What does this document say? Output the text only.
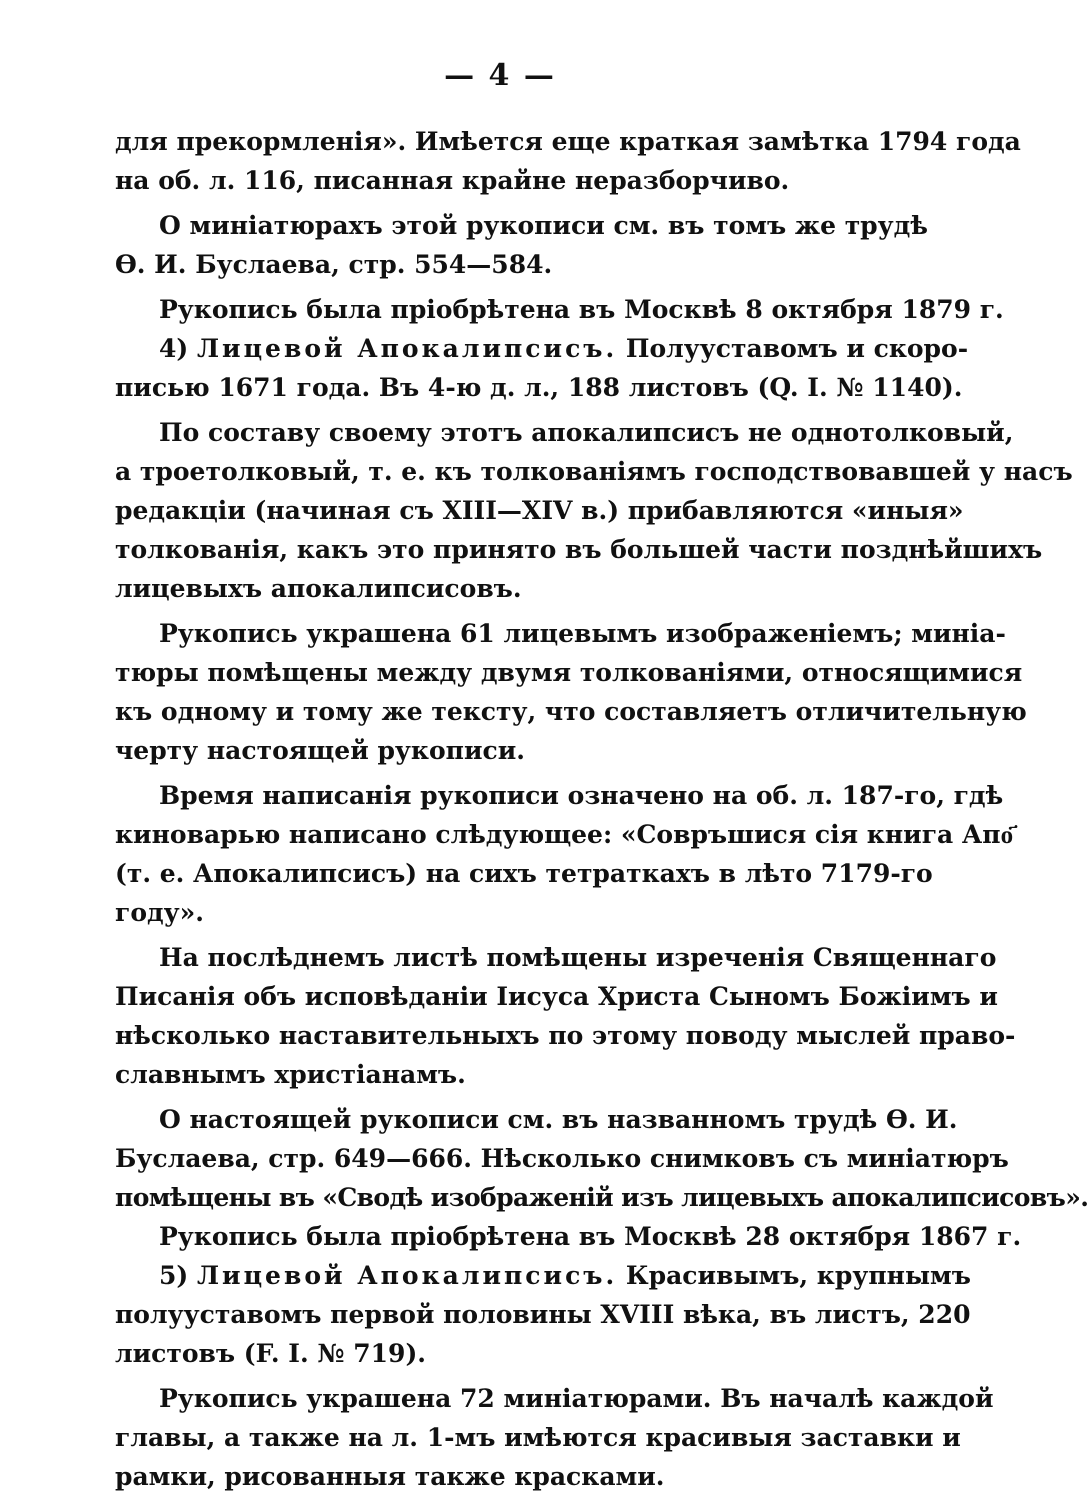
— 4 —
для прекормленія». Имѣется еще краткая замѣтка 1794 года
на об. л. 116, писанная крайне неразборчиво.
О миніатюрахъ этой рукописи см. въ томъ же трудѣ
Ѳ. И. Буслаева, стр. 554—584.
Рукопись была пріобрѣтена въ Москвѣ 8 октября 1879 г.
4) Лицевой Апокалипсисъ. Полууставомъ и скоро-
писью 1671 года. Въ 4-ю д. л., 188 листовъ (Q. I. № 1140).
По составу своему этотъ апокалипсисъ не однотолковый,
а троетолковый, т. е. къ толкованіямъ господствовавшей у насъ
редакціи (начиная съ XIII—XIV в.) прибавляются «иныя»
толкованія, какъ это принято въ большей части позднѣйшихъ
лицевыхъ апокалипсисовъ.
Рукопись украшена 61 лицевымъ изображеніемъ; миніа-
тюры помѣщены между двумя толкованіями, относящимися
къ одному и тому же тексту, что составляетъ отличительную
черту настоящей рукописи.
Время написанія рукописи означено на об. л. 187-го, гдѣ
киноварью написано слѣдующее: «Совръшися сія книга Апо҃
(т. е. Апокалипсисъ) на сихъ тетраткахъ в лѣто 7179-го
году».
На послѣднемъ листѣ помѣщены изреченія Священнаго
Писанія объ исповѣданіи Іисуса Христа Сыномъ Божіимъ и
нѣсколько наставительныхъ по этому поводу мыслей право-
славнымъ христіанамъ.
О настоящей рукописи см. въ названномъ трудѣ Ѳ. И.
Буслаева, стр. 649—666. Нѣсколько снимковъ съ миніатюръ
помѣщены въ «Сводѣ изображеній изъ лицевыхъ апокалипсисовъ».
Рукопись была пріобрѣтена въ Москвѣ 28 октября 1867 г.
5) Лицевой Апокалипсисъ. Красивымъ, крупнымъ
полууставомъ первой половины XVIII вѣка, въ листъ, 220
листовъ (F. I. № 719).
Рукопись украшена 72 миніатюрами. Въ началѣ каждой
главы, а также на л. 1-мъ имѣются красивыя заставки и
рамки, рисованныя также красками.
